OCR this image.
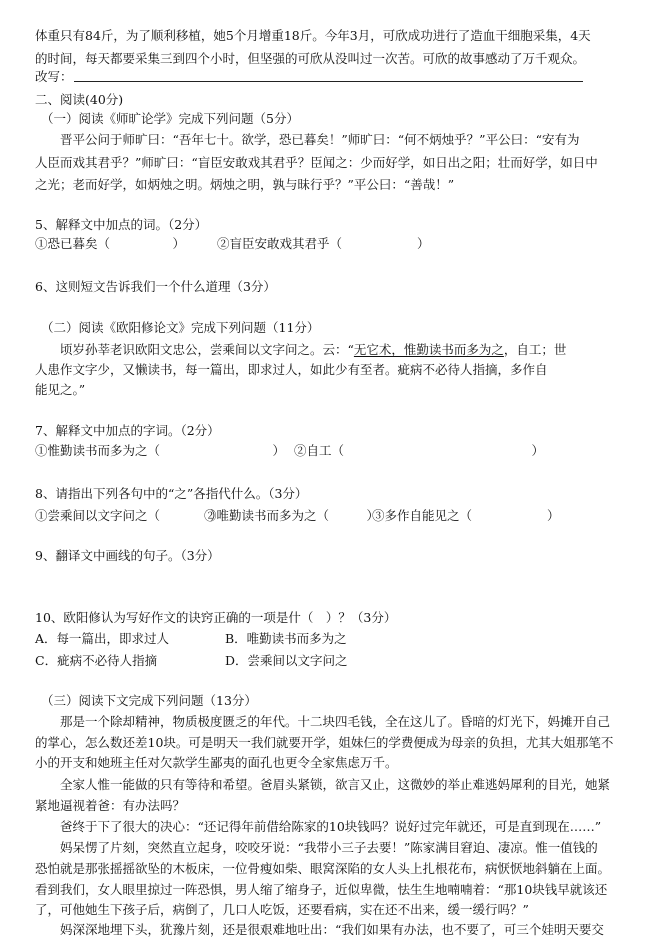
体重只有84斤，为了顺利移植，她5个月增重18斤。今年3月，可欣成功进行了造血干细胞采集，4天
的时间，每天都要采集三到四个小时，但坚强的可欣从没叫过一次苦。可欣的故事感动了万千观众。
改写：
二、阅读(40分)
（一）阅读《师旷论学》完成下列问题（5分）
晋平公问于师旷曰：“吾年七十。欲学，恐已暮矣！”师旷曰：“何不炳烛乎？”平公曰：“安有为
人臣而戏其君乎？”师旷曰：“盲臣安敢戏其君乎？臣闻之：少而好学，如日出之阳；壮而好学，如日中
之光；老而好学，如炳烛之明。炳烛之明，孰与昧行乎？”平公曰：“善哉！”
5、解释文中加点的词。（2分）
①恐已暮矣（　　　　　）	②盲臣安敢戏其君乎（　　　　　　）
6、这则短文告诉我们一个什么道理（3分）
（二）阅读《欧阳修论文》完成下列问题（11分）
顷岁孙莘老识欧阳文忠公，尝乘间以文字问之。云：“无它术，惟勤读书而多为之，自工；世
人患作文字少，又懒读书，每一篇出，即求过人，如此少有至者。疵病不必待人指摘，多作自
能见之。”
7、解释文中加点的字词。（2分）
①惟勤读书而多为之（　　　　　　　　　） ②自工（　　　　　　　　　　　　　　　）
8、请指出下列各句中的“之”各指代什么。（3分）
①尝乘间以文字问之（　　　　）
②唯勤读书而多为之（　　　）
③多作自能见之（　　　　　　）
9、翻译文中画线的句子。（3分）
10、欧阳修认为写好作文的诀窍正确的一项是什（　）？（3分）
A．每一篇出，即求过人	B．唯勤读书而多为之
C．疵病不必待人指摘	D．尝乘间以文字问之
（三）阅读下文完成下列问题（13分）
那是一个除却精神，物质极度匮乏的年代。十二块四毛钱，全在这儿了。昏暗的灯光下，妈摊开自己
的掌心，怎么数还差10块。可是明天一我们就要开学，姐妹仨的学费便成为母亲的负担，尤其大姐那笔不
小的开支和她班主任对欠款学生鄙夷的面孔也更令全家焦虑万千。
全家人惟一能做的只有等待和希望。爸眉头紧锁，欲言又止，这微妙的举止难逃妈犀利的目光，她紧
紧地逼视着爸：有办法吗？
爸终于下了很大的决心：“还记得年前借给陈家的10块钱吗？说好过完年就还，可是直到现在……”
妈呆愣了片刻，突然直立起身，咬咬牙说：“我带小三子去要！”陈家满目窘迫、凄凉。惟一值钱的
恐怕就是那张摇摇欲坠的木板床，一位骨瘦如柴、眼窝深陷的女人头上扎根花布，病恹恹地斜躺在上面。
看到我们，女人眼里掠过一阵恐惧，男人缩了缩身子，近似卑微，怯生生地喃喃着：“那10块钱早就该还
了，可他她生下孩子后，病倒了，几口人吃饭，还要看病，实在还不出来，缓一缓行吗？”
妈深深地埋下头，犹豫片刻，还是很艰难地吐出：“我们如果有办法，也不要了，可三个娃明天要交
